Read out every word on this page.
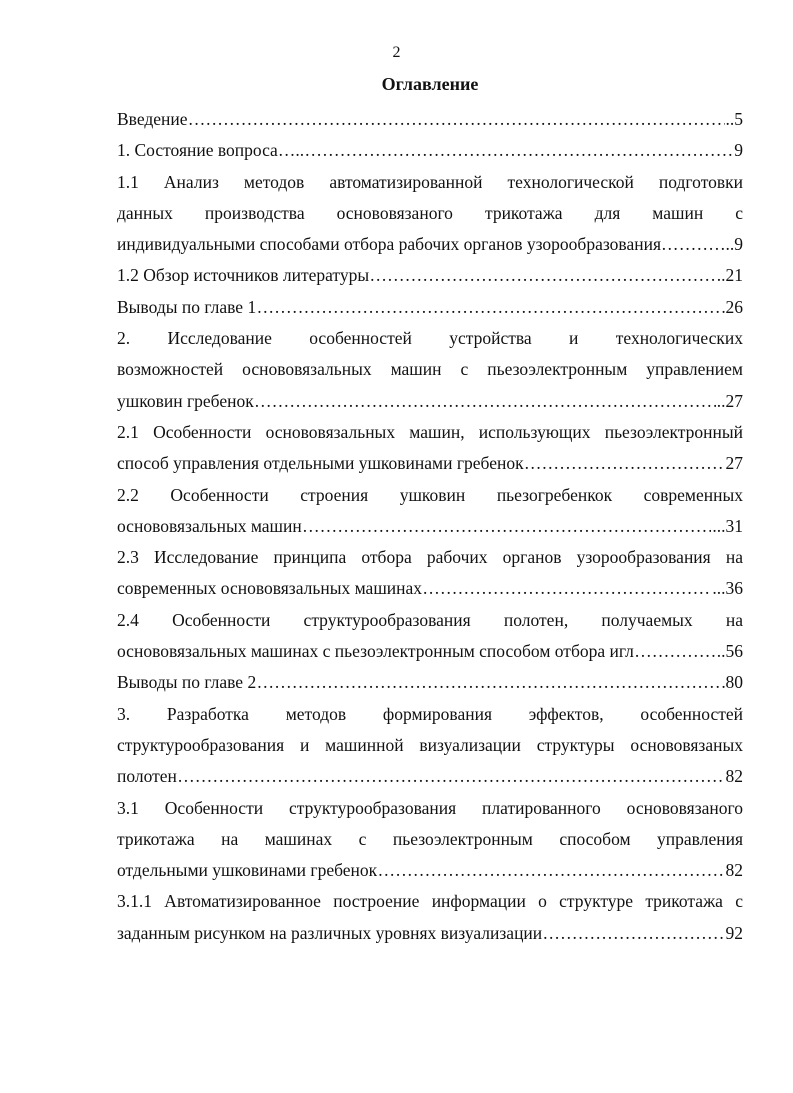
2
Оглавление
Введение .....	..5
1. Состояние вопроса….. .....	9
1.1 Анализ методов автоматизированной технологической подготовки
данных производства основовязаного трикотажа для машин с
индивидуальными способами отбора рабочих органов узорообразования… .....	..9
1.2 Обзор источников литературы .....	..21
Выводы по главе 1 .....	26
2. Исследование особенностей устройства и технологических
возможностей основовязальных машин с пьезоэлектронным управлением
ушковин гребенок .....	..27
2.1 Особенности основовязальных машин, использующих пьезоэлектронный
способ управления отдельными ушковинами гребенок .....	27
2.2 Особенности строения ушковин пьезогребенкок современных
основовязальных машин .....	...31
2.3 Исследование принципа отбора рабочих органов узорообразования на
современных основовязальных машинах .....	...36
2.4 Особенности структурообразования полотен, получаемых на
основовязальных машинах с пьезоэлектронным способом отбора игл .....	..56
Выводы по главе 2 .....	80
3. Разработка методов формирования эффектов, особенностей
структурообразования и машинной визуализации структуры основовязаных
полотен .....	82
3.1 Особенности структурообразования платированного основовязаного
трикотажа на машинах с пьезоэлектронным способом управления
отдельными ушковинами гребенок .....	82
3.1.1 Автоматизированное построение информации о структуре трикотажа с
заданным рисунком на различных уровнях визуализации .....	92
